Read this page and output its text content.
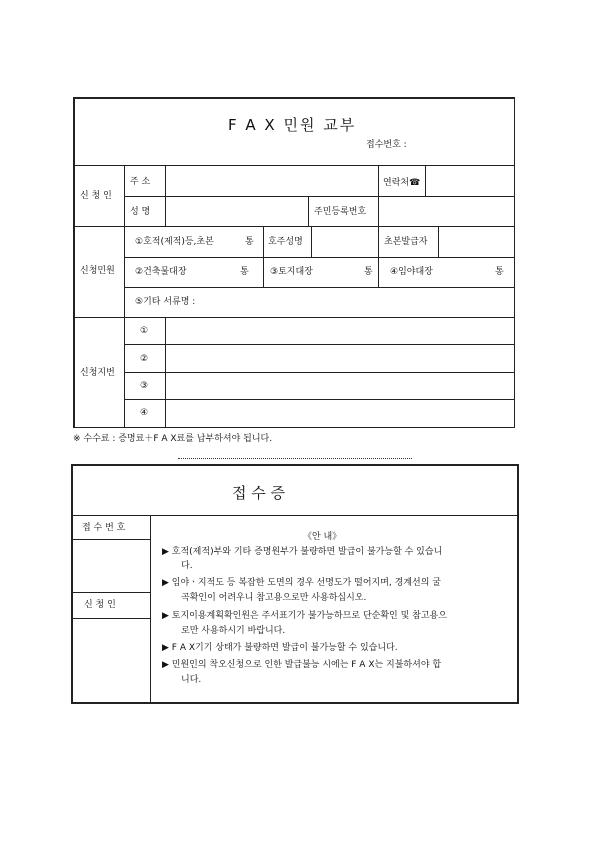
F A X 민원 교부
접수번호 :
신 청 인
주 소	연락처☎
성 명	주민등록번호
신청민원
①호적(제적)등,초본	통 호주성명	초본발급자
②건축물대장	통 ③토지대장	통 ④임야대장	통
⑤기타 서류명 :
신청지번
①
②
③
④
※ 수수료 : 증명료＋F A X료를 납부하셔야 됩니다.
접 수 증
접 수 번 호
신 청 인
《안 내》
▶ 호적(제적)부와 기타 증명원부가 불량하면 발급이 불가능할 수 있습니
다.
▶ 임야ㆍ지적도 등 복잡한 도면의 경우 선명도가 떨어지며, 경계선의 굴
곡확인이 어려우니 참고용으로만 사용하십시오.
▶ 토지이용계획확인원은 주서표기가 불가능하므로 단순확인 및 참고용으
로만 사용하시기 바랍니다.
▶ F A X기기 상태가 불량하면 발급이 불가능할 수 있습니다.
▶ 민원인의 착오신청으로 인한 발급불능 시에는 F A X는 지불하셔야 합
니다.
